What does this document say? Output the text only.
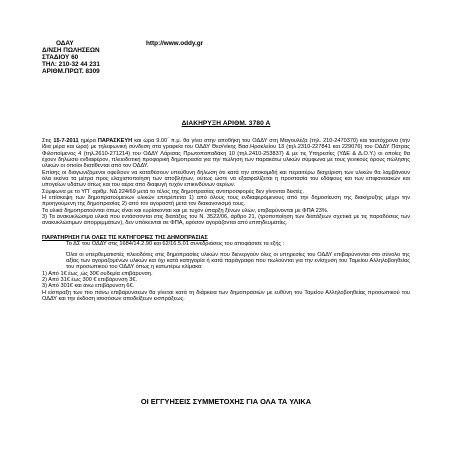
ΟΔΑΥ
Δ/ΝΣΗ ΠΩΛΗΣΕΩΝ
http://www.oddy.gr
ΣΤΑΔΙΟΥ 60
ΤΗΛ: 210-32 44 231
ΑΡΙΘΜ.ΠΡΩΤ. 8309
ΔΙΑΚΗΡΥΞΗ ΑΡΙΘΜ. 3780 Α

Στις 15-7-2011 ημέρα ΠΑΡΑΣΚΕΥΗ και ώρα 9.00΄ π.μ. θα γίνει στην αποθήκη του ΟΔΔΥ στη Μαγουλέζα (τηλ. 210-2470370) και ταυτόχρονα (την ίδια μέρα και ώρα) με τηλεφωνική σύνδεση στα γραφεία του ΟΔΔΥ Θεσ/νίκης Βασ.Ηρακλείου 13 (τηλ.2310-227841 και 229076) του ΟΔΔΥ Πάτρας Φιλοποίμενος 4 (τηλ.2610-271214) του ΟΔΔΥ Λάρισας Πρωτοπαπαδάκη 10 (τηλ.2410-253837) & με τις Υπηρεσίες (ΥΔΕ & Δ.Ο.Υ.) οι οποίες θα έχουν δηλώσει ενδιαφέρον, πλειοδοτική προφορική δημοπρασία για την πώληση των παρακάτω υλικών σύμφωνα με τους γενικούς όρους πώλησης υλικών οι οποίοι διατίθενται από τον ΟΔΔΥ.

Επίσης οι διαγωνιζόμενοι οφείλουν να καταθέσουν υπεύθυνη δήλωση ότι κατά την αποκομιδή και περαιτέρω διαχείριση των υλικών θα λαμβάνουν όλα εκείνα τα μέτρα προς ελαχιστοποίηση των αποβλήτων, ούτως ώστε να εξασφαλίζεται η προστασία του εδάφους και των επιφανειακών και υπογείων υδάτων όπως και του αέρα από διαφυγή τυχόν επικινδύνων αερίων.

Σύμφωνα με το ΥΠ΄ αριθμ. ΝΔ 224/69 μετά το τέλος της δημοπρασίας αντιπροσφορές δεν γίνονται δεκτές.

Η επίσκεψη των δημοπρατούμενων υλικών επιτρέπεται 1) από όλους τους ενδιαφερόμενους από την δημοσίευση της διακήρυξης μέχρι την προηγούμενη της δημοπρασίας 2) από τον αγοραστή μετά τον διακανονισμό τους.

Τα υλικά δημοπρατούνται όπως είναι και ευρίσκονται και με τυχόν ύπαρξη ξένων υλών, επιβαρύνονται με ΦΠΑ 23%.

3) Τα ανακυκλώσιμα υλικά που εντάσσονται στις διατάξεις του Ν. 3522/06, άρθρο 21, (τροποποίηση των διατάξεων σχετικά με τις παραδόσεις των ανακυκλώσιμων απορριμμάτων), δεν υπόκεινται σε ΦΠΑ, εφόσον αγοράζονται από επιτηδευματίες.

ΠΑΡΑΤΗΡΗΣΗ ΓΙΑ ΟΛΕΣ ΤΙΣ ΚΑΤΗΓΟΡΙΕΣ ΤΗΣ ΔΗΜΟΠΡΑΣΙΑΣ

Το ΔΣ του ΟΔΔΥ στις 1684/14.2.90 και 62/16.5.01 συνεδριάσεις του αποφάσισε τα εξής :

Όλοι οι υπερθεματιστές πλειοδότες στις δημοπρασίες υλικών που διενεργούν όλες οι υπηρεσίες του ΟΔΔΥ επιβαρύνονται στο σύνολο της αξίας των αγοραζομένων υλικών και όχι κατά κατηγορία ή κατά παράγραφο που πωλούνται για την ενίσχυση του Ταμείου Αλληλοβοηθείας του προσωπικού του ΟΔΔΥ όπως η κατωτέρω κλίμακα:

1) Από 1€ έως ,ώς 30€ ουδεμία επιβάρυνση.

2) Από 31€ έως 300 € επιβάρυνση 3€.

3) Από 301€ και άνω επιβάρυνση 6€.

Η είσπραξη των πιο πάνω επιβαρύνσεων θα γίνεται κατά τη διάρκεια των δημοπρασιών με ευθύνη του Ταμείου Αλληλοβοηθείας προσωπικού του ΟΔΔΥ και την έκδοση ισοσόσων αποδείξεων εισπράξεως.

ΟΙ ΕΓΓΥΗΣΕΙΣ ΣΥΜΜΕΤΟΧΗΣ ΓΙΑ ΟΛΑ ΤΑ ΥΛΙΚΑ
